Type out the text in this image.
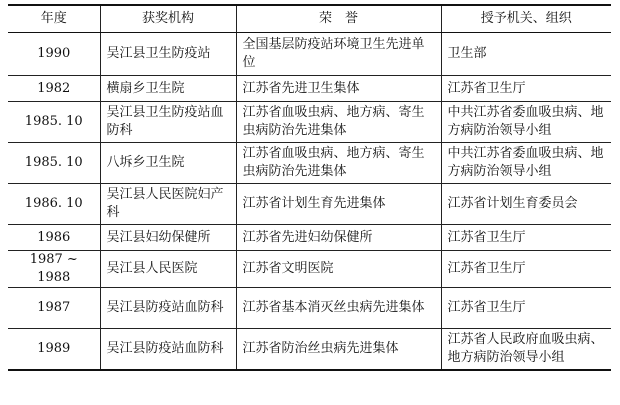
年度	获奖机构	荣　誉	授予机关、组织
1990	吴江县卫生防疫站	全国基层防疫站环境卫生先进单位	卫生部
1982	横扇乡卫生院	江苏省先进卫生集体	江苏省卫生厅
1985. 10	吴江县卫生防疫站血防科	江苏省血吸虫病、地方病、寄生虫病防治先进集体	中共江苏省委血吸虫病、地方病防治领导小组
1985. 10	八坼乡卫生院	江苏省血吸虫病、地方病、寄生虫病防治先进集体	中共江苏省委血吸虫病、地方病防治领导小组
1986. 10	吴江县人民医院妇产科	江苏省计划生育先进集体	江苏省计划生育委员会
1986	吴江县妇幼保健所	江苏省先进妇幼保健所	江苏省卫生厅
1987 ~ 1988	吴江县人民医院	江苏省文明医院	江苏省卫生厅
1987	吴江县防疫站血防科	江苏省基本消灭丝虫病先进集体	江苏省卫生厅
1989	吴江县防疫站血防科	江苏省防治丝虫病先进集体	江苏省人民政府血吸虫病、地方病防治领导小组
